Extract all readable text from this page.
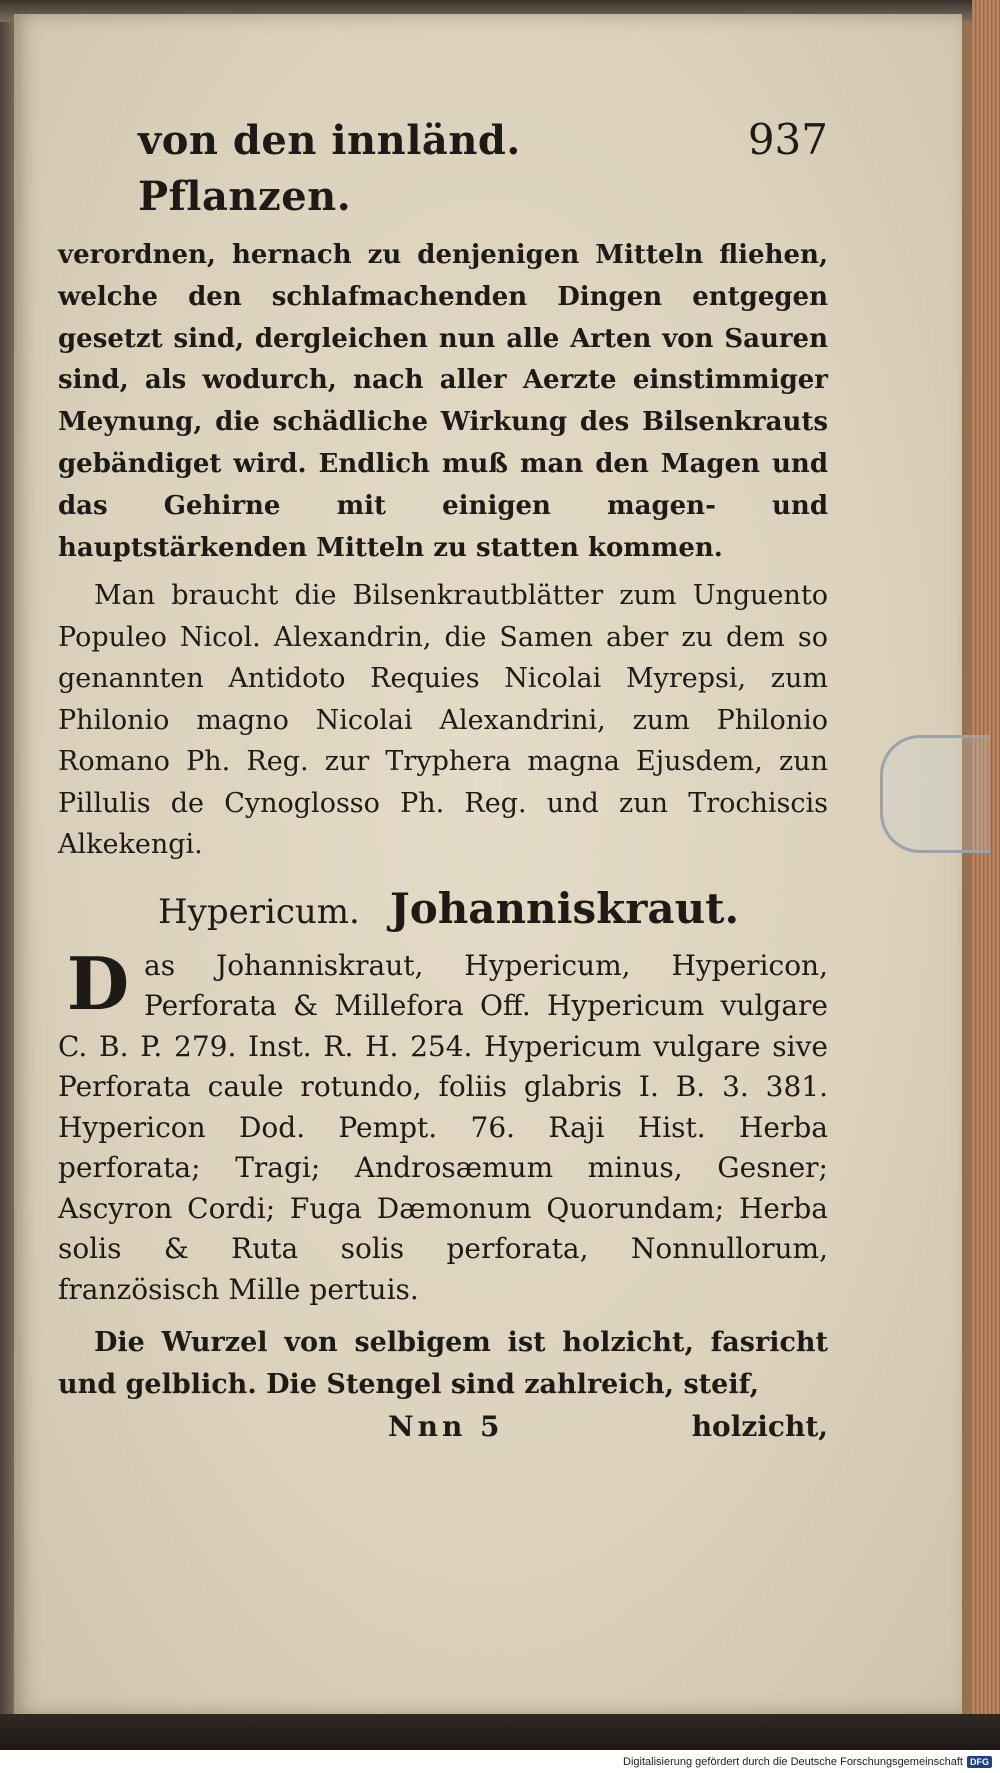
von den innländ. Pflanzen.
937

verordnen, hernach zu denjenigen Mitteln fliehen, welche den schlafmachenden Dingen entgegen gesetzt sind, dergleichen nun alle Arten von Sauren sind, als wodurch, nach aller Aerzte einstimmiger Meynung, die schädliche Wirkung des Bilsenkrauts gebändiget wird. Endlich muß man den Magen und das Gehirne mit einigen magen- und hauptstärkenden Mitteln zu statten kommen.

Man braucht die Bilsenkrautblätter zum Unguento Populeo Nicol. Alexandrin, die Samen aber zu dem so genannten Antidoto Requies Nicolai Myrepsi, zum Philonio magno Nicolai Alexandrini, zum Philonio Romano Ph. Reg. zur Tryphera magna Ejusdem, zun Pillulis de Cynoglosso Ph. Reg. und zun Trochiscis Alkekengi.

Hypericum. Johanniskraut.
D as Johanniskraut, Hypericum, Hypericon, Perforata & Millefora Off. Hypericum vulgare C. B. P. 279. Inst. R. H. 254. Hypericum vulgare sive Perforata caule rotundo, foliis glabris I. B. 3. 381. Hypericon Dod. Pempt. 76. Raji Hist. Herba perforata; Tragi; Androsæmum minus, Gesner; Ascyron Cordi; Fuga Dæmonum Quorundam; Herba solis & Ruta solis perforata, Nonnullorum, französisch Mille pertuis.

Die Wurzel von selbigem ist holzicht, fasricht und gelblich. Die Stengel sind zahlreich, steif,

Nnn 5	holzicht,
Digitalisierung gefördert durch die Deutsche Forschungsgemeinschaft DFG
